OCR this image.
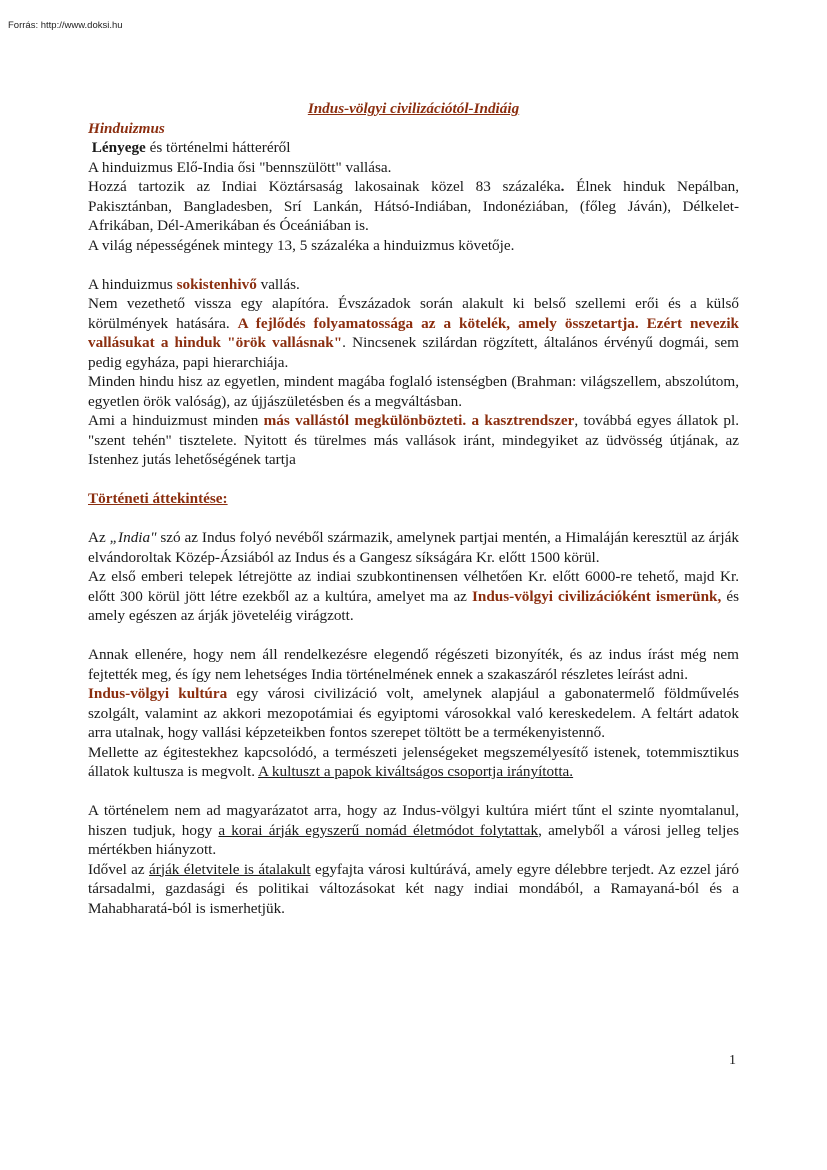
Forrás: http://www.doksi.hu

Indus-völgyi civilizációtól-Indiáig

Hinduizmus

Lényege és történelmi hátteréről

A hinduizmus Elő-India ősi "bennszülött" vallása.

Hozzá tartozik az Indiai Köztársaság lakosainak közel 83 százaléka. Élnek hinduk Nepálban, Pakisztánban, Bangladesben, Srí Lankán, Hátsó-Indiában, Indonéziában, (főleg Jáván), Délkelet-Afrikában, Dél-Amerikában és Óceániában is.

A világ népességének mintegy 13, 5 százaléka a hinduizmus követője.

A hinduizmus sokistenhivő vallás.

Nem vezethető vissza egy alapítóra. Évszázadok során alakult ki belső szellemi erői és a külső körülmények hatására. A fejlődés folyamatossága az a kötelék, amely összetartja. Ezért nevezik vallásukat a hinduk "örök vallásnak". Nincsenek szilárdan rögzített, általános érvényű dogmái, sem pedig egyháza, papi hierarchiája.

Minden hindu hisz az egyetlen, mindent magába foglaló istenségben (Brahman: világszellem, abszolútom, egyetlen örök valóság), az újjászületésben és a megváltásban.

Ami a hinduizmust minden más vallástól megkülönbözteti. a kasztrendszer, továbbá egyes állatok pl. "szent tehén" tisztelete. Nyitott és türelmes más vallások iránt, mindegyiket az üdvösség útjának, az Istenhez jutás lehetőségének tartja

Történeti áttekintése:

Az „India" szó az Indus folyó nevéből származik, amelynek partjai mentén, a Himaláján keresztül az árják elvándoroltak Közép-Ázsiából az Indus és a Gangesz síkságára Kr. előtt 1500 körül.

Az első emberi telepek létrejötte az indiai szubkontinensen vélhetően Kr. előtt 6000-re tehető, majd Kr. előtt 300 körül jött létre ezekből az a kultúra, amelyet ma az Indus-völgyi civilizációként ismerünk, és amely egészen az árják jöveteléig virágzott.

Annak ellenére, hogy nem áll rendelkezésre elegendő régészeti bizonyíték, és az indus írást még nem fejtették meg, és így nem lehetséges India történelmének ennek a szakaszáról részletes leírást adni.

Indus-völgyi kultúra egy városi civilizáció volt, amelynek alapjául a gabonatermelő földművelés szolgált, valamint az akkori mezopotámiai és egyiptomi városokkal való kereskedelem. A feltárt adatok arra utalnak, hogy vallási képzeteikben fontos szerepet töltött be a termékenyistennő.

Mellette az égitestekhez kapcsolódó, a természeti jelenségeket megszemélyesítő istenek, totemmisztikus állatok kultusza is megvolt. A kultuszt a papok kiváltságos csoportja irányította.

A történelem nem ad magyarázatot arra, hogy az Indus-völgyi kultúra miért tűnt el szinte nyomtalanul, hiszen tudjuk, hogy a korai árják egyszerű nomád életmódot folytattak, amelyből a városi jelleg teljes mértékben hiányzott.

Idővel az árják életvitele is átalakult egyfajta városi kultúrává, amely egyre délebbre terjedt. Az ezzel járó társadalmi, gazdasági és politikai változásokat két nagy indiai mondából, a Ramayaná-ból és a Mahabharatá-ból is ismerhetjük.

1
